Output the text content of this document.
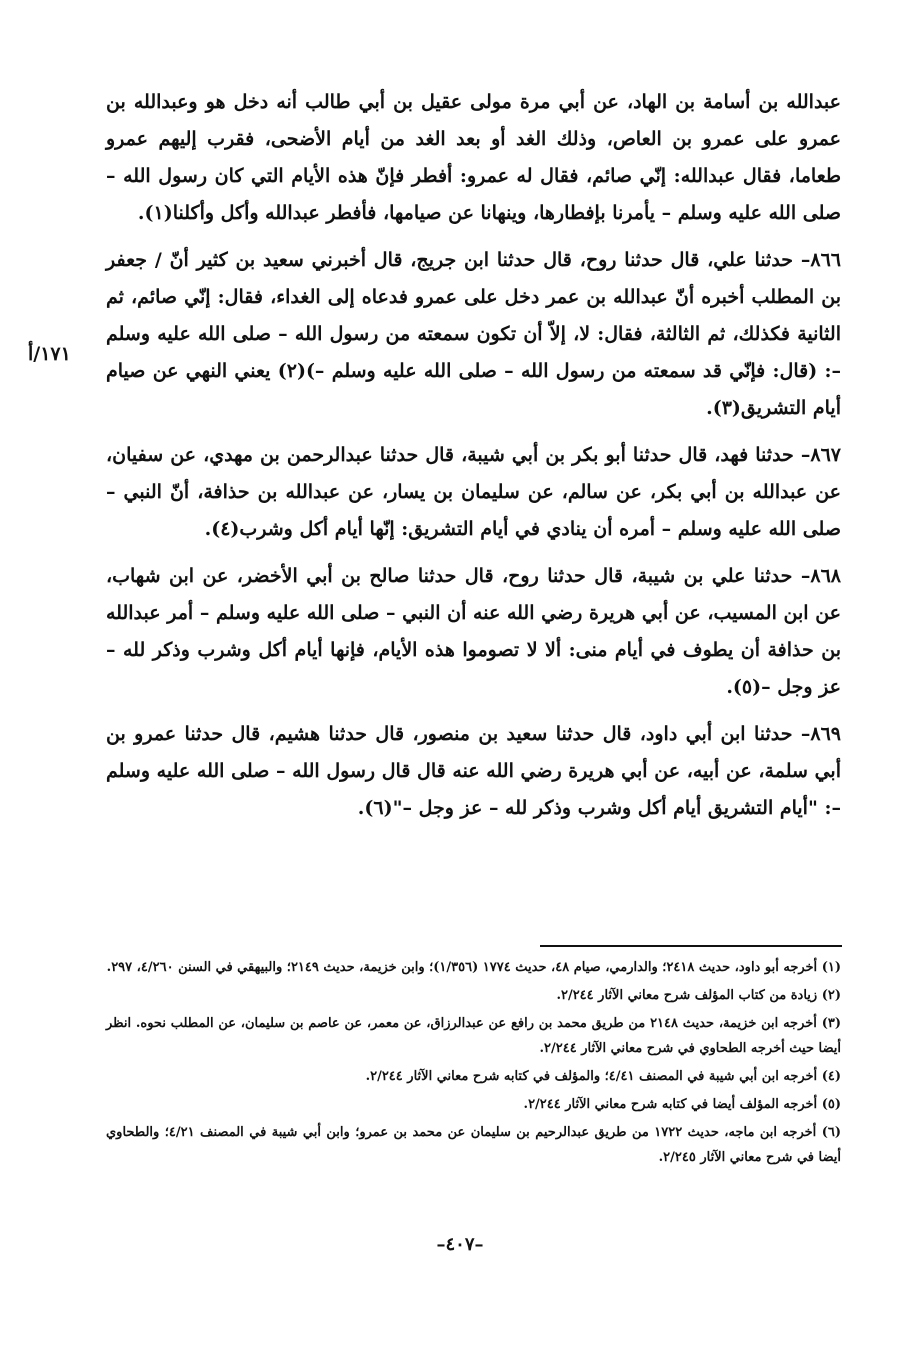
عبدالله بن أسامة بن الهاد، عن أبي مرة مولى عقيل بن أبي طالب أنه دخل هو وعبدالله بن عمرو على عمرو بن العاص، وذلك الغد أو بعد الغد من أيام الأضحى، فقرب إليهم عمرو طعاما، فقال عبدالله: إنّي صائم، فقال له عمرو: أفطر فإنّ هذه الأيام التي كان رسول الله – صلى الله عليه وسلم – يأمرنا بإفطارها، وينهانا عن صيامها، فأفطر عبدالله وأكل وأكلنا(١).

٨٦٦– حدثنا علي، قال حدثنا روح، قال حدثنا ابن جريج، قال أخبرني سعيد بن كثير أنّ / جعفر بن المطلب أخبره أنّ عبدالله بن عمر دخل على عمرو فدعاه إلى الغداء، فقال: إنّي صائم، ثم الثانية فكذلك، ثم الثالثة، فقال: لا، إلاّ أن تكون سمعته من رسول الله – صلى الله عليه وسلم –: (قال: فإنّي قد سمعته من رسول الله – صلى الله عليه وسلم –)(٢) يعني النهي عن صيام أيام التشريق(٣).

٨٦٧– حدثنا فهد، قال حدثنا أبو بكر بن أبي شيبة، قال حدثنا عبدالرحمن بن مهدي، عن سفيان، عن عبدالله بن أبي بكر، عن سالم، عن سليمان بن يسار، عن عبدالله بن حذافة، أنّ النبي – صلى الله عليه وسلم – أمره أن ينادي في أيام التشريق: إنّها أيام أكل وشرب(٤).

٨٦٨– حدثنا علي بن شيبة، قال حدثنا روح، قال حدثنا صالح بن أبي الأخضر، عن ابن شهاب، عن ابن المسيب، عن أبي هريرة رضي الله عنه أن النبي – صلى الله عليه وسلم – أمر عبدالله بن حذافة أن يطوف في أيام منى: ألا لا تصوموا هذه الأيام، فإنها أيام أكل وشرب وذكر لله – عز وجل –(٥).

٨٦٩– حدثنا ابن أبي داود، قال حدثنا سعيد بن منصور، قال حدثنا هشيم، قال حدثنا عمرو بن أبي سلمة، عن أبيه، عن أبي هريرة رضي الله عنه قال قال رسول الله – صلى الله عليه وسلم –: "أيام التشريق أيام أكل وشرب وذكر لله – عز وجل –"(٦).

١٧١/أ

(١) أخرجه أبو داود، حديث ٢٤١٨؛ والدارمي، صيام ٤٨، حديث ١٧٧٤ (١/٣٥٦)؛ وابن خزيمة، حديث ٢١٤٩؛ والبيهقي في السنن ٤/٢٦٠، ٢٩٧.

(٢) زيادة من كتاب المؤلف شرح معاني الآثار ٢/٢٤٤.

(٣) أخرجه ابن خزيمة، حديث ٢١٤٨ من طريق محمد بن رافع عن عبدالرزاق، عن معمر، عن عاصم بن سليمان، عن المطلب نحوه. انظر أيضا حيث أخرجه الطحاوي في شرح معاني الآثار ٢/٢٤٤.

(٤) أخرجه ابن أبي شيبة في المصنف ٤/٤١؛ والمؤلف في كتابه شرح معاني الآثار ٢/٢٤٤.

(٥) أخرجه المؤلف أيضا في كتابه شرح معاني الآثار ٢/٢٤٤.

(٦) أخرجه ابن ماجه، حديث ١٧٢٢ من طريق عبدالرحيم بن سليمان عن محمد بن عمرو؛ وابن أبي شيبة في المصنف ٤/٢١؛ والطحاوي أيضا في شرح معاني الآثار ٢/٢٤٥.

–٤٠٧–
